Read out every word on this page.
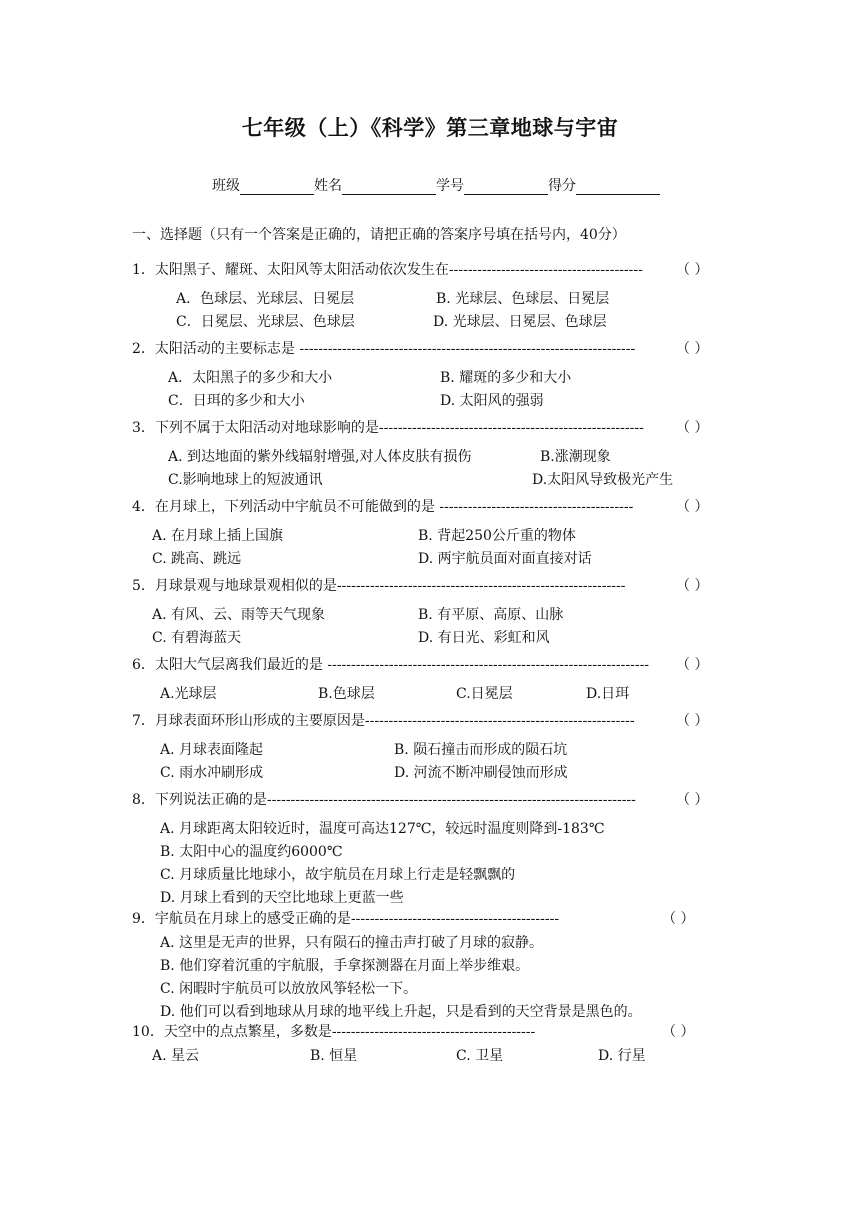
七年级（上）《科学》第三章地球与宇宙
班级	姓名	学号	得分
一、选择题（只有一个答案是正确的，请把正确的答案序号填在括号内，40分）
1．太阳黑子、耀斑、太阳风等太阳活动依次发生在-----------------------------------------	（ ）
A．色球层、光球层、日冕层	B. 光球层、色球层、日冕层
C．日冕层、光球层、色球层	D. 光球层、日冕层、色球层
2．太阳活动的主要标志是 -----------------------------------------------------------------------	（ ）
A．太阳黑子的多少和大小	B. 耀斑的多少和大小
C．日珥的多少和大小	D. 太阳风的强弱
3．下列不属于太阳活动对地球影响的是--------------------------------------------------------	（ ）
A. 到达地面的紫外线辐射增强,对人体皮肤有损伤	B.涨潮现象
C.影响地球上的短波通讯	D.太阳风导致极光产生
4．在月球上，下列活动中宇航员不可能做到的是 -----------------------------------------	（ ）
A. 在月球上插上国旗	B. 背起250公斤重的物体
C. 跳高、跳远	D. 两宇航员面对面直接对话
5．月球景观与地球景观相似的是-------------------------------------------------------------	（ ）
A. 有风、云、雨等天气现象	B. 有平原、高原、山脉
C. 有碧海蓝天	D. 有日光、彩虹和风
6．太阳大气层离我们最近的是 --------------------------------------------------------------------	（ ）
A.光球层	B.色球层	C.日冕层	D.日珥
7．月球表面环形山形成的主要原因是---------------------------------------------------------	（ ）
A. 月球表面隆起	B. 陨石撞击而形成的陨石坑
C. 雨水冲刷形成	D. 河流不断冲刷侵蚀而形成
8．下列说法正确的是------------------------------------------------------------------------------	（ ）
A. 月球距离太阳较近时，温度可高达127℃，较远时温度则降到-183℃
B. 太阳中心的温度约6000℃
C. 月球质量比地球小，故宇航员在月球上行走是轻飘飘的
D. 月球上看到的天空比地球上更蓝一些
9．宇航员在月球上的感受正确的是--------------------------------------------	（ ）
A. 这里是无声的世界，只有陨石的撞击声打破了月球的寂静。
B. 他们穿着沉重的宇航服，手拿探测器在月面上举步维艰。
C. 闲暇时宇航员可以放放风筝轻松一下。
D. 他们可以看到地球从月球的地平线上升起，只是看到的天空背景是黑色的。
10．天空中的点点繁星，多数是-------------------------------------------	（ ）
A. 星云	B. 恒星	C. 卫星	D. 行星
